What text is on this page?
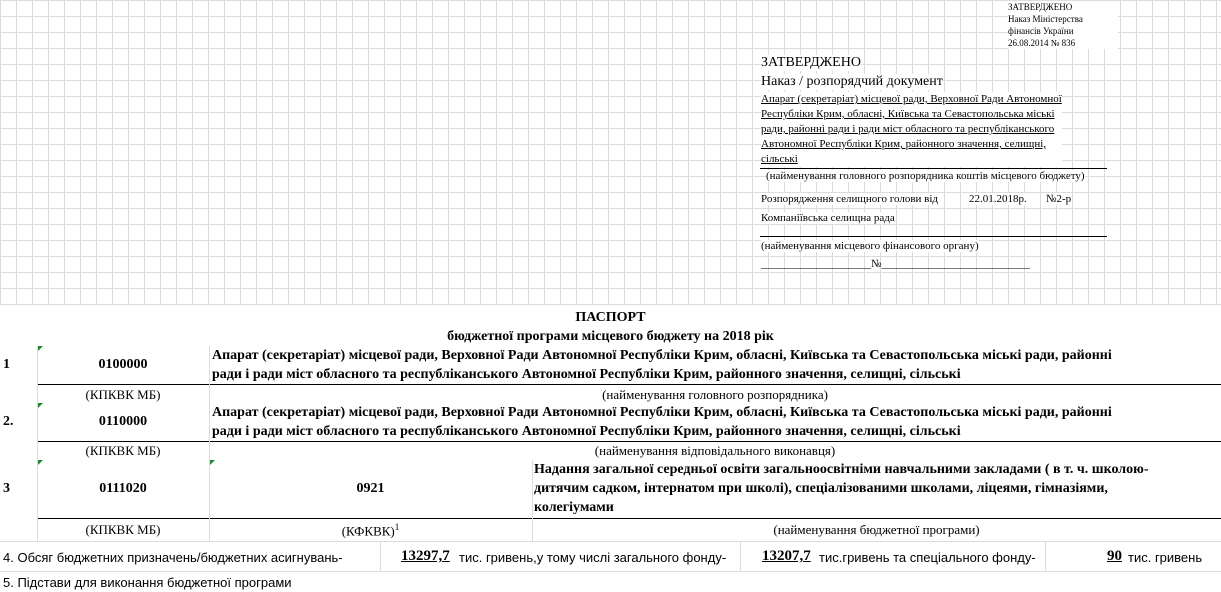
ЗАТВЕРДЖЕНО
Наказ Міністерства
фінансів України
26.08.2014 № 836
ЗАТВЕРДЖЕНО
Наказ / розпорядчий документ
Апарат (секретаріат) місцевої ради, Верховної Ради Автономної
Республіки Крим, обласні, Київська та Севастопольська міські
ради, районні ради і ради міст обласного та республіканського
Автономної Республіки Крим, районного значення, селищні,
сільські
(найменування головного розпорядника коштів місцевого бюджету)
Розпорядження селищного голови від	22.01.2018р. №2-р
Компаніївська селищна рада
(найменування місцевого фінансового органу)
____________________№___________________________
ПАСПОРТ
бюджетної програми місцевого бюджету на 2018 рік
1	0100000
Апарат (секретаріат) місцевої ради, Верховної Ради Автономної Республіки Крим, обласні, Київська та Севастопольська міські ради, районні
ради і ради міст обласного та республіканського Автономної Республіки Крим, районного значення, селищні, сільські
(КПКВК МБ)	(найменування головного розпорядника)
2.	0110000
Апарат (секретаріат) місцевої ради, Верховної Ради Автономної Республіки Крим, обласні, Київська та Севастопольська міські ради, районні
ради і ради міст обласного та республіканського Автономної Республіки Крим, районного значення, селищні, сільські
(КПКВК МБ)	(найменування відповідального виконавця)
3	0111020	0921
Надання загальної середньої освіти загальноосвітніми навчальними закладами ( в т. ч. школою-
дитячим садком, інтернатом при школі), спеціалізованими школами, ліцеями, гімназіями,
колегіумами
(КПКВК МБ)	(КФКВК)$^1$	(найменування бюджетної програми)
4. Обсяг бюджетних призначень/бюджетних асигнувань-	13297,7 тис. гривень,у тому числі загального фонду- 13207,7 тис.гривень та спеціального фонду-	90 тис. гривень
5. Підстави для виконання бюджетної програми
